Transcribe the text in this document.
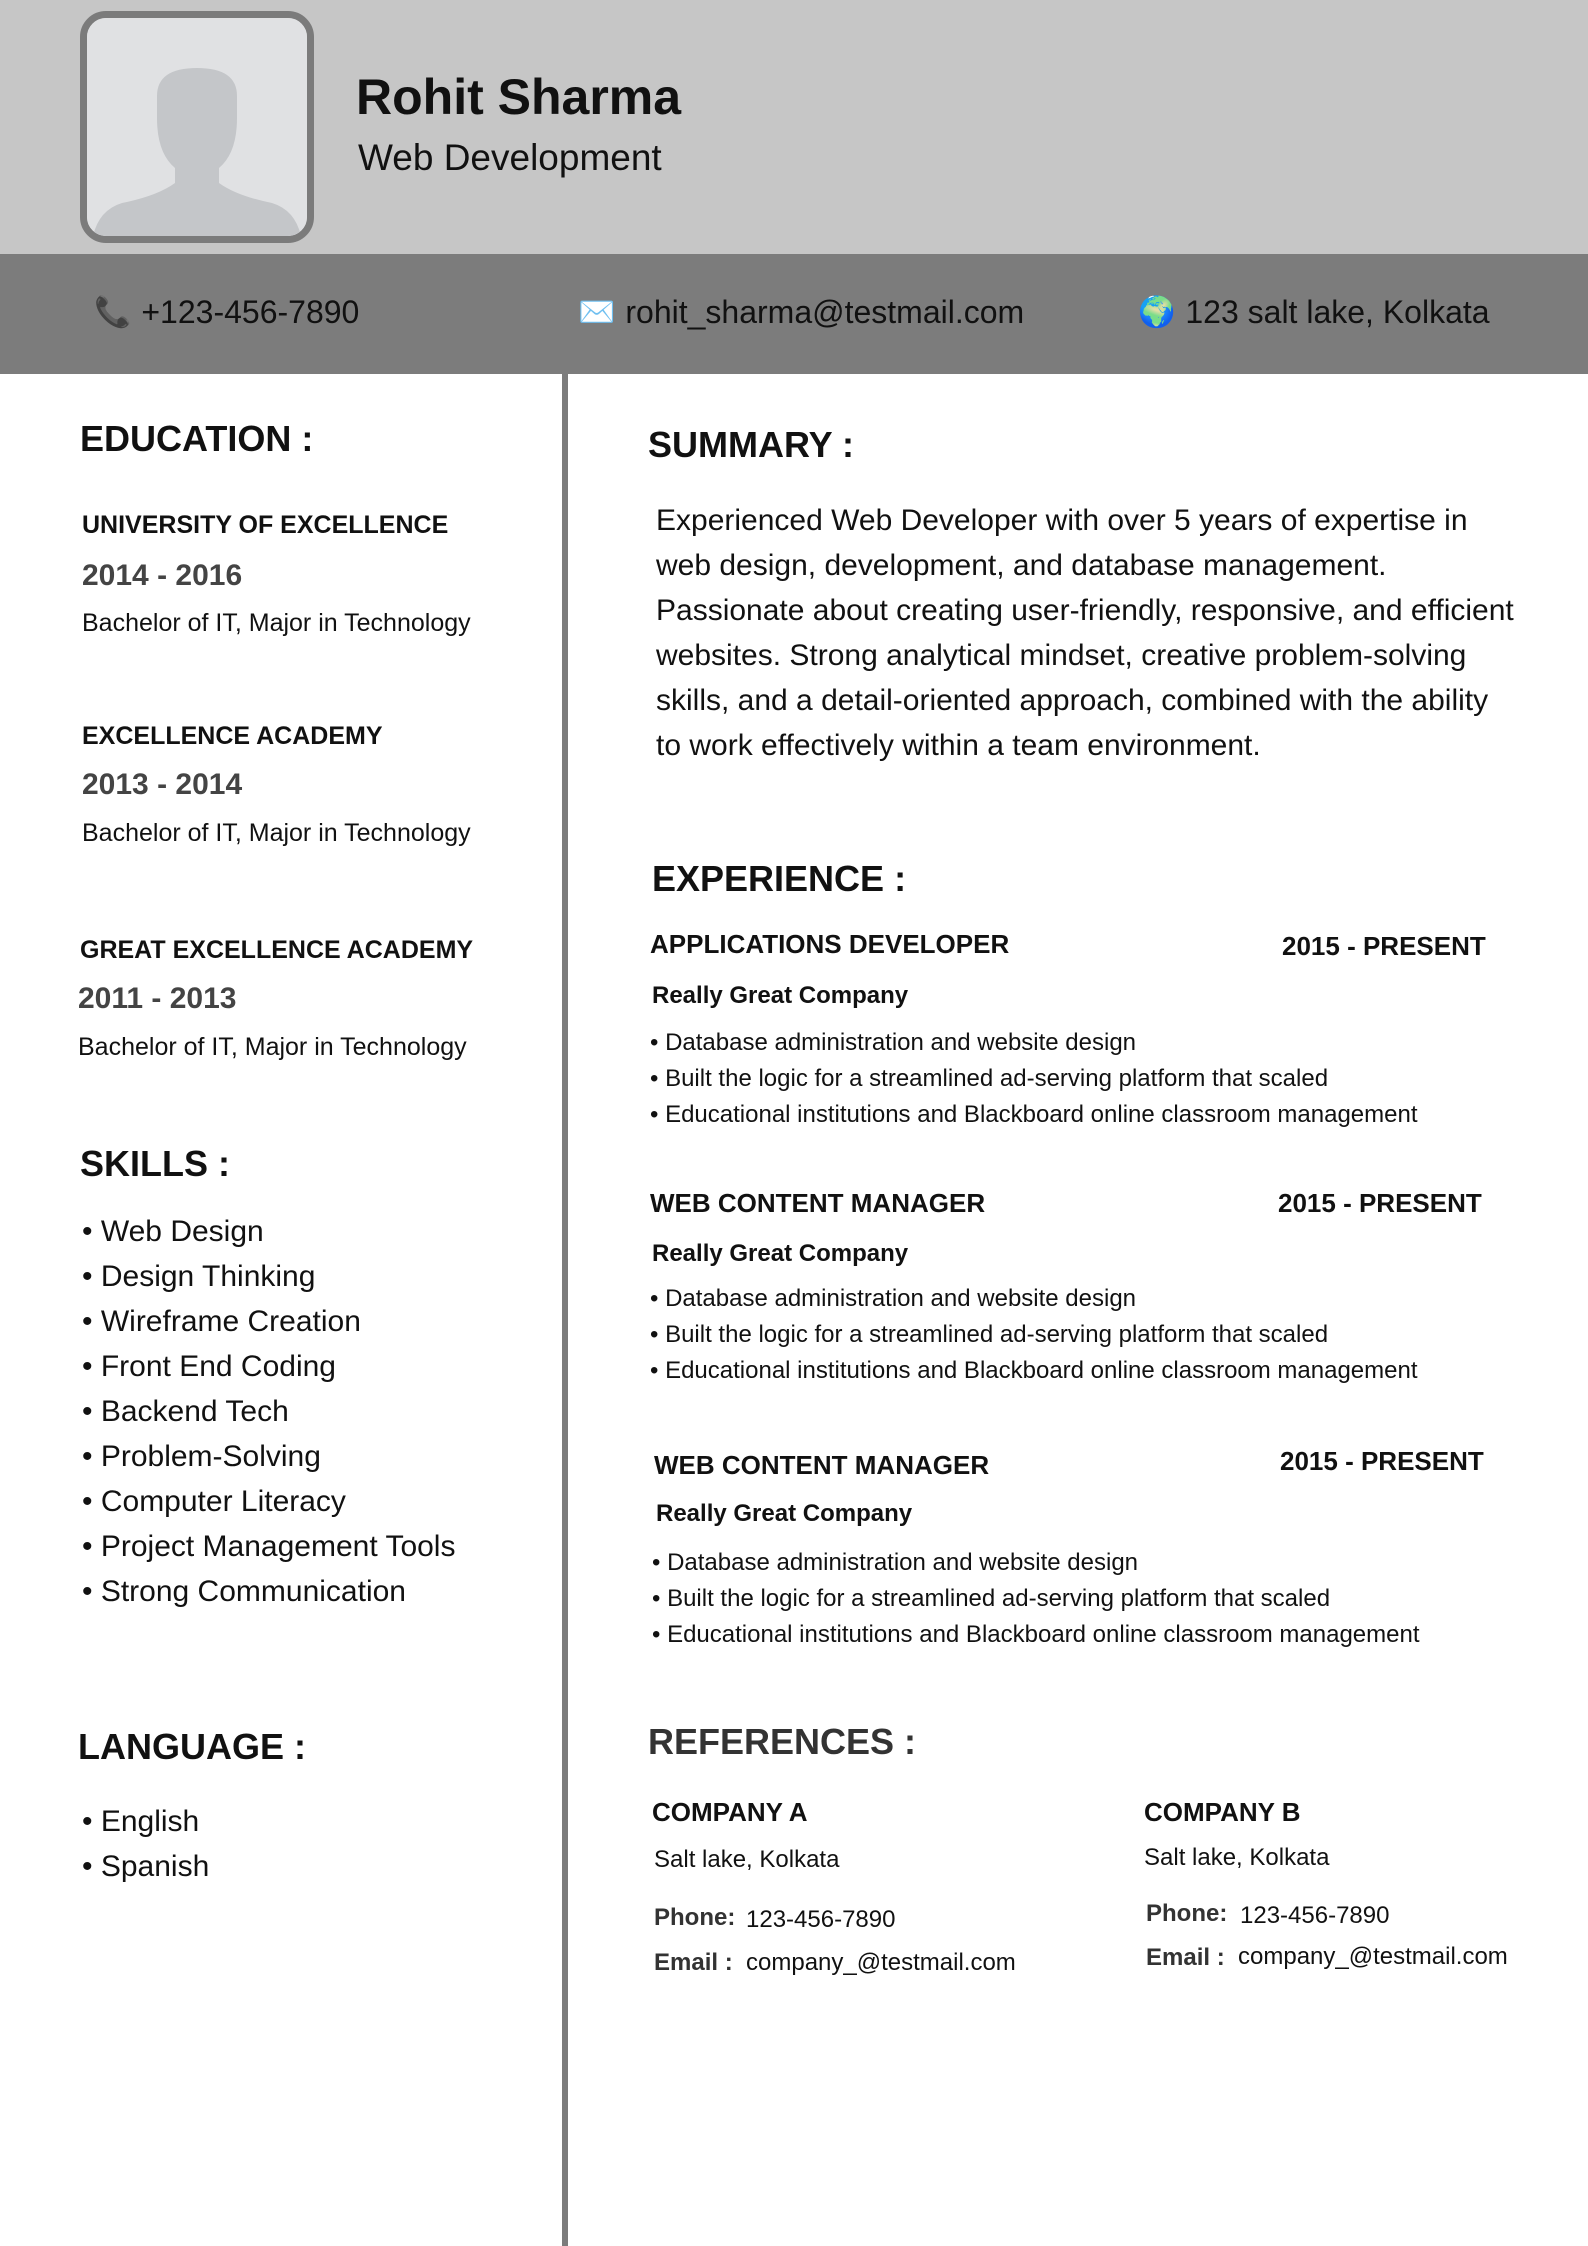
Rohit Sharma
Web Development
📞 +123-456-7890	✉️ rohit_sharma@testmail.com	🌍 123 salt lake, Kolkata
EDUCATION :
UNIVERSITY OF EXCELLENCE
2014 - 2016
Bachelor of IT, Major in Technology
EXCELLENCE ACADEMY
2013 - 2014
Bachelor of IT, Major in Technology
GREAT EXCELLENCE ACADEMY
2011 - 2013
Bachelor of IT, Major in Technology
SKILLS :
• Web Design
• Design Thinking
• Wireframe Creation
• Front End Coding
• Backend Tech
• Problem-Solving
• Computer Literacy
• Project Management Tools
• Strong Communication
LANGUAGE :
• English
• Spanish
SUMMARY :
Experienced Web Developer with over 5 years of expertise in web design, development, and database management. Passionate about creating user-friendly, responsive, and efficient websites. Strong analytical mindset, creative problem-solving skills, and a detail-oriented approach, combined with the ability to work effectively within a team environment.
EXPERIENCE :
APPLICATIONS DEVELOPER	2015 - PRESENT
Really Great Company
• Database administration and website design
• Built the logic for a streamlined ad-serving platform that scaled
• Educational institutions and Blackboard online classroom management
WEB CONTENT MANAGER	2015 - PRESENT
Really Great Company
• Database administration and website design
• Built the logic for a streamlined ad-serving platform that scaled
• Educational institutions and Blackboard online classroom management
WEB CONTENT MANAGER	2015 - PRESENT
Really Great Company
• Database administration and website design
• Built the logic for a streamlined ad-serving platform that scaled
• Educational institutions and Blackboard online classroom management
REFERENCES :
COMPANY A
Salt lake, Kolkata
Phone: 123-456-7890
Email : company_@testmail.com
COMPANY B
Salt lake, Kolkata
Phone: 123-456-7890
Email : company_@testmail.com
